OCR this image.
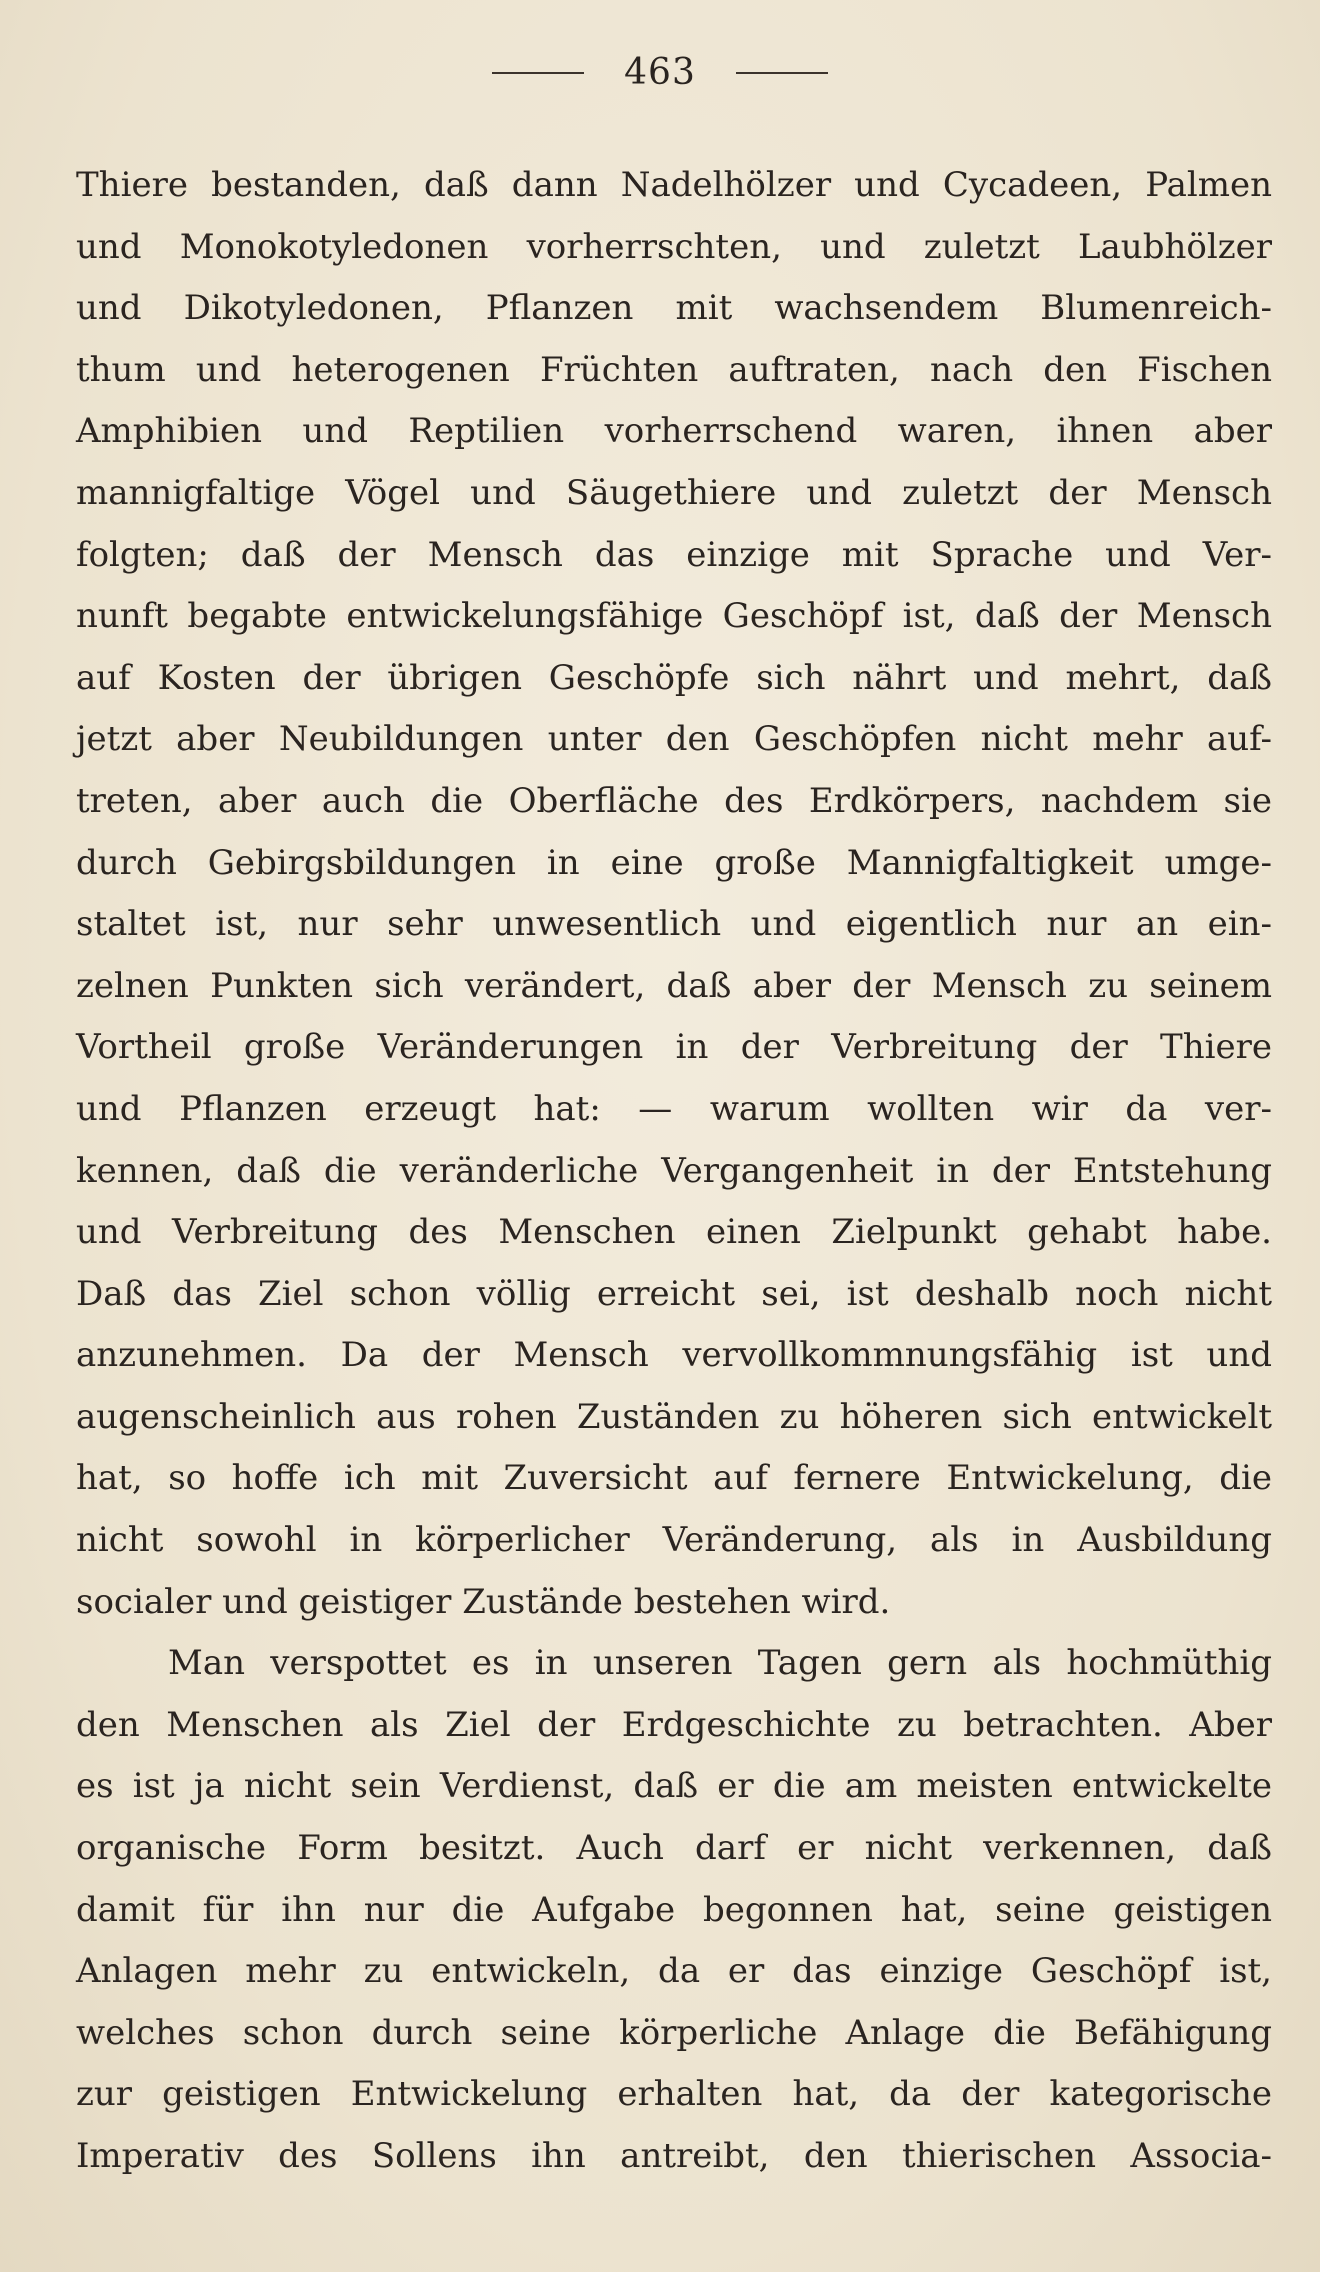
463
Thiere bestanden, daß dann Nadelhölzer und Cycadeen, Palmen
und Monokotyledonen vorherrschten, und zuletzt Laubhölzer
und Dikotyledonen, Pflanzen mit wachsendem Blumenreich-
thum und heterogenen Früchten auftraten, nach den Fischen
Amphibien und Reptilien vorherrschend waren, ihnen aber
mannigfaltige Vögel und Säugethiere und zuletzt der Mensch
folgten; daß der Mensch das einzige mit Sprache und Ver-
nunft begabte entwickelungsfähige Geschöpf ist, daß der Mensch
auf Kosten der übrigen Geschöpfe sich nährt und mehrt, daß
jetzt aber Neubildungen unter den Geschöpfen nicht mehr auf-
treten, aber auch die Oberfläche des Erdkörpers, nachdem sie
durch Gebirgsbildungen in eine große Mannigfaltigkeit umge-
staltet ist, nur sehr unwesentlich und eigentlich nur an ein-
zelnen Punkten sich verändert, daß aber der Mensch zu seinem
Vortheil große Veränderungen in der Verbreitung der Thiere
und Pflanzen erzeugt hat: — warum wollten wir da ver-
kennen, daß die veränderliche Vergangenheit in der Entstehung
und Verbreitung des Menschen einen Zielpunkt gehabt habe.
Daß das Ziel schon völlig erreicht sei, ist deshalb noch nicht
anzunehmen. Da der Mensch vervollkommnungsfähig ist und
augenscheinlich aus rohen Zuständen zu höheren sich entwickelt
hat, so hoffe ich mit Zuversicht auf fernere Entwickelung, die
nicht sowohl in körperlicher Veränderung, als in Ausbildung
socialer und geistiger Zustände bestehen wird.
Man verspottet es in unseren Tagen gern als hochmüthig
den Menschen als Ziel der Erdgeschichte zu betrachten. Aber
es ist ja nicht sein Verdienst, daß er die am meisten entwickelte
organische Form besitzt. Auch darf er nicht verkennen, daß
damit für ihn nur die Aufgabe begonnen hat, seine geistigen
Anlagen mehr zu entwickeln, da er das einzige Geschöpf ist,
welches schon durch seine körperliche Anlage die Befähigung
zur geistigen Entwickelung erhalten hat, da der kategorische
Imperativ des Sollens ihn antreibt, den thierischen Associa-
